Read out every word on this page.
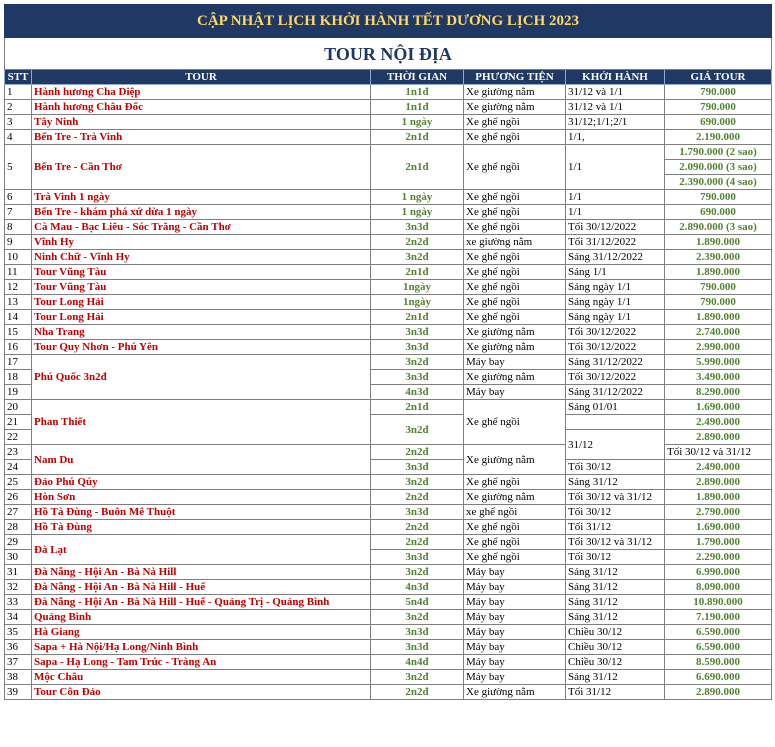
CẬP NHẬT LỊCH KHỞI HÀNH TẾT DƯƠNG LỊCH 2023						
TOUR NỘI ĐỊA						
STT	TOUR	THỜI GIAN	PHƯƠNG TIỆN	KHỞI HÀNH	GIÁ TOUR	
1	Hành hương Cha Diệp	1n1đ	Xe giường nằm	31/12 và 1/1	790.000	
2	Hành hương Châu Đốc	1n1đ	Xe giường nằm	31/12 và 1/1	790.000	
3	Tây Ninh	1 ngày	Xe ghế ngồi	31/12;1/1;2/1	690.000	
4	Bến Tre - Trà Vinh	2n1đ	Xe ghế ngồi	1/1,	2.190.000	
5	Bến Tre - Cần Thơ	2n1đ	Xe ghế ngồi	1/1	1.790.000 (2 sao)	
					2.090.000 (3 sao)	
					2.390.000 (4 sao)	
6	Trà Vinh 1 ngày	1 ngày	Xe ghế ngồi	1/1	790.000	
7	Bến Tre - khám phá xứ dừa 1 ngày	1 ngày	Xe ghế ngồi	1/1	690.000	
8	Cà Mau - Bạc Liêu - Sóc Trăng - Cần Thơ	3n3đ	Xe ghế ngồi	Tối 30/12/2022	2.890.000 (3 sao)	
9	Vĩnh Hy	2n2đ	xe giường nằm	Tối 31/12/2022	1.890.000	
10	Ninh Chữ - Vĩnh Hy	3n2đ	Xe ghế ngồi	Sáng 31/12/2022	2.390.000	
11	Tour Vũng Tàu	2n1đ	Xe ghế ngồi	Sáng 1/1	1.890.000	
12	Tour Vũng Tàu	1ngày	Xe ghế ngồi	Sáng ngày 1/1	790.000	
13	Tour Long Hải	1ngày	Xe ghế ngồi	Sáng ngày 1/1	790.000	
14	Tour Long Hải	2n1đ	Xe ghế ngồi	Sáng ngày 1/1	1.890.000	
15	Nha Trang	3n3đ	Xe giường nằm	Tối 30/12/2022	2.740.000	
16	Tour Quy Nhơn - Phú Yên	3n3đ	Xe giường nằm	Tối 30/12/2022	2.990.000	
17	Phú Quốc 3n2đ	3n2đ	Máy bay	Sáng 31/12/2022	5.990.000	
18		3n3đ	Xe giường nằm	Tối 30/12/2022	3.490.000	
19		4n3đ	Máy bay	Sáng 31/12/2022	8.290.000	
20	Phan Thiết	2n1đ	Xe ghế ngồi	Sáng 01/01	1.690.000	
21		3n2đ			2.490.000	
22				31/12	2.890.000	
23	Nam Du	2n2đ	Xe giường nằm		Tối 30/12 và 31/12	
24		3n3đ		Tối 30/12	2.490.000	
25	Đảo Phú Qúy	3n2đ	Xe ghế ngồi	Sáng 31/12	2.890.000	
26	Hòn Sơn	2n2đ	Xe giường nằm	Tối 30/12 và 31/12	1.890.000	
27	Hồ Tà Đùng - Buôn Mê Thuột	3n3đ	xe ghế ngồi	Tối 30/12	2.790.000	
28	Hồ Tà Đùng	2n2đ	Xe ghế ngồi	Tối 31/12	1.690.000	
29	Đà Lạt	2n2đ	Xe ghế ngồi	Tối 30/12 và 31/12	1.790.000	
30		3n3đ	Xe ghế ngồi	Tối 30/12	2.290.000	
31	Đà Nẵng - Hội An - Bà Nà Hill	3n2đ	Máy bay	Sáng 31/12	6.990.000	
32	Đà Nẵng - Hội An - Bà Nà Hill - Huế	4n3đ	Máy bay	Sáng 31/12	8.090.000	
33	Đà Nẵng - Hội An - Bà Nà Hill - Huế - Quảng Trị - Quảng Bình	5n4đ	Máy bay	Sáng 31/12	10.890.000	
34	Quảng Bình	3n2đ	Máy bay	Sáng 31/12	7.190.000	
35	Hà Giang	3n3đ	Máy bay	Chiều 30/12	6.590.000	
36	Sapa + Hà Nội/Hạ Long/Ninh Bình	3n3đ	Máy bay	Chiều 30/12	6.590.000	
37	Sapa - Hạ Long - Tam Trúc - Tràng An	4n4đ	Máy bay	Chiều 30/12	8.590.000	
38	Mộc Châu	3n2đ	Máy bay	Sáng 31/12	6.690.000	
39	Tour Côn Đảo	2n2đ	Xe giường nằm	Tối 31/12	2.890.000	
